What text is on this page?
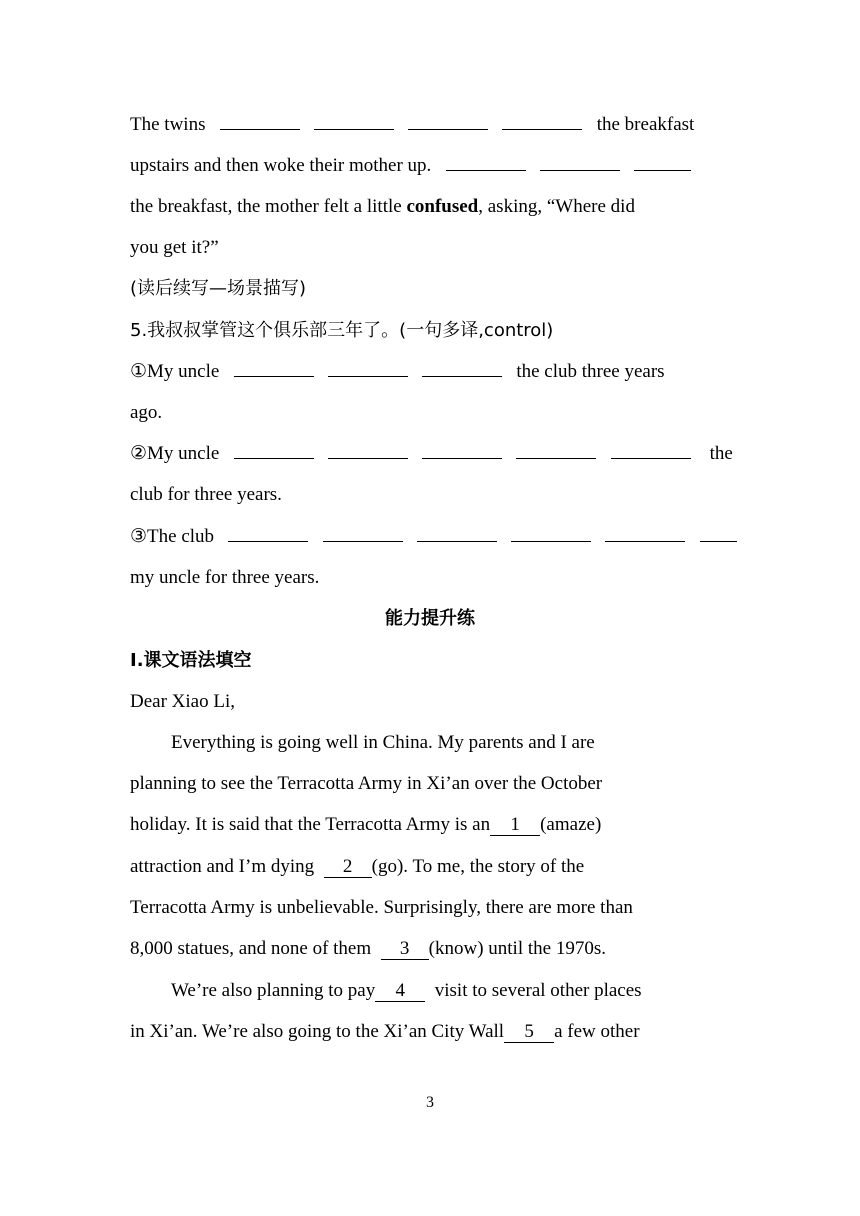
The twins	the breakfast
upstairs and then woke their mother up.
the breakfast, the mother felt a little confused, asking, “Where did
you get it?”
(读后续写—场景描写)
5.我叔叔掌管这个俱乐部三年了。(一句多译,control)
①My uncle	the club three years
ago.
②My uncle	the
club for three years.
③The club
my uncle for three years.
能力提升练
Ⅰ.课文语法填空
Dear Xiao Li,
Everything is going well in China. My parents and I are
planning to see the Terracotta Army in Xi’an over the October
holiday. It is said that the Terracotta Army is an 1 (amaze)
attraction and I’m dying 2 (go). To me, the story of the
Terracotta Army is unbelievable. Surprisingly, there are more than
8,000 statues, and none of them 3 (know) until the 1970s.
We’re also planning to pay 4 visit to several other places
in Xi’an. We’re also going to the Xi’an City Wall 5 a few other
3
